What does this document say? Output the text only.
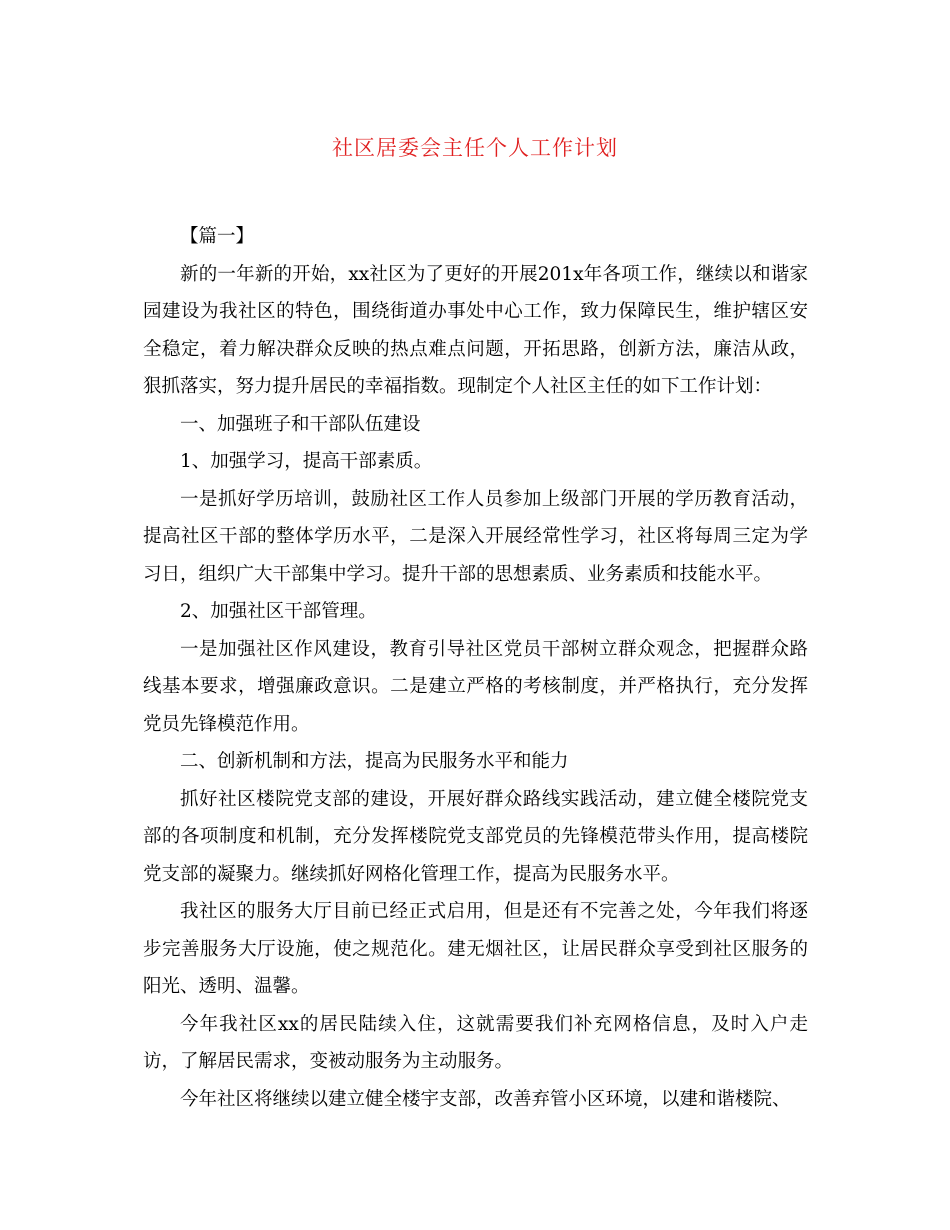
社区居委会主任个人工作计划

【篇一】

新的一年新的开始，xx社区为了更好的开展201x年各项工作，继续以和谐家园建设为我社区的特色，围绕街道办事处中心工作，致力保障民生，维护辖区安全稳定，着力解决群众反映的热点难点问题，开拓思路，创新方法，廉洁从政，狠抓落实，努力提升居民的幸福指数。现制定个人社区主任的如下工作计划：

一、加强班子和干部队伍建设

1、加强学习，提高干部素质。

一是抓好学历培训，鼓励社区工作人员参加上级部门开展的学历教育活动，提高社区干部的整体学历水平，二是深入开展经常性学习，社区将每周三定为学习日，组织广大干部集中学习。提升干部的思想素质、业务素质和技能水平。

2、加强社区干部管理。

一是加强社区作风建设，教育引导社区党员干部树立群众观念，把握群众路线基本要求，增强廉政意识。二是建立严格的考核制度，并严格执行，充分发挥党员先锋模范作用。

二、创新机制和方法，提高为民服务水平和能力

抓好社区楼院党支部的建设，开展好群众路线实践活动，建立健全楼院党支部的各项制度和机制，充分发挥楼院党支部党员的先锋模范带头作用，提高楼院党支部的凝聚力。继续抓好网格化管理工作，提高为民服务水平。

我社区的服务大厅目前已经正式启用，但是还有不完善之处，今年我们将逐步完善服务大厅设施，使之规范化。建无烟社区，让居民群众享受到社区服务的阳光、透明、温馨。

今年我社区xx的居民陆续入住，这就需要我们补充网格信息，及时入户走访，了解居民需求，变被动服务为主动服务。

今年社区将继续以建立健全楼宇支部，改善弃管小区环境，以建和谐楼院、
